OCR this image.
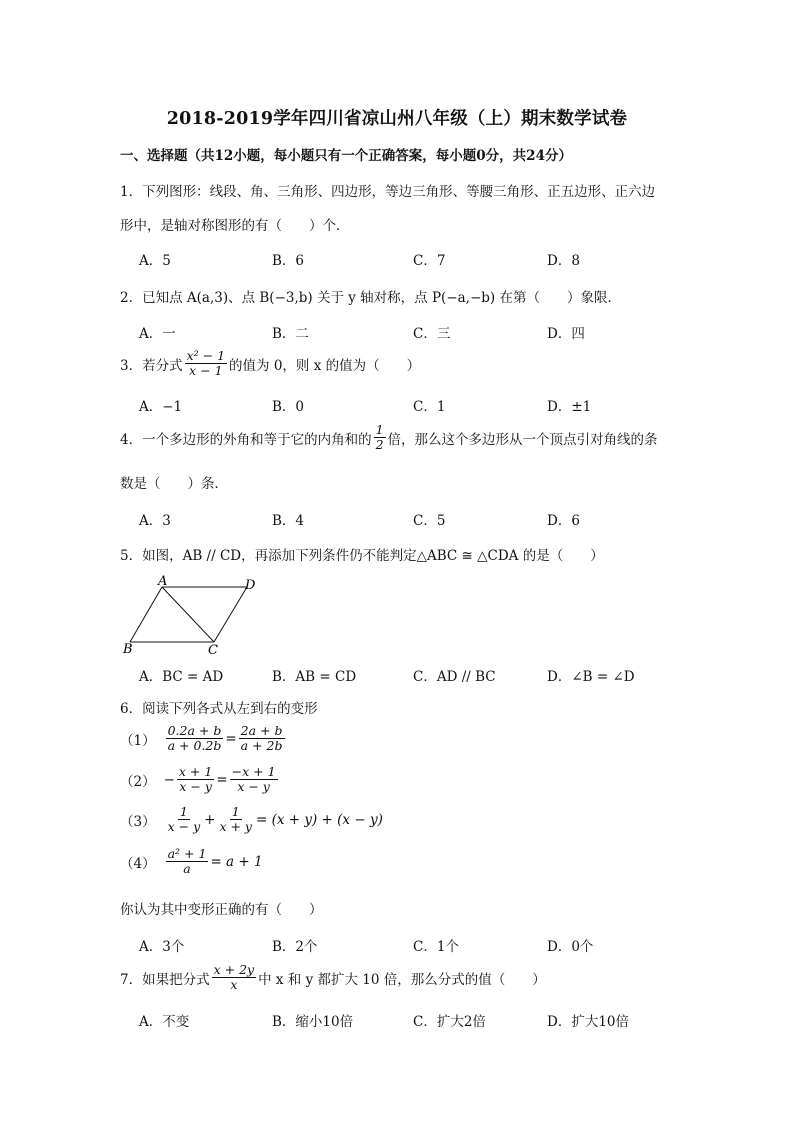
2018-2019学年四川省凉山州八年级（上）期末数学试卷
一、选择题（共12小题，每小题只有一个正确答案，每小题0分，共24分）
1．下列图形：线段、角、三角形、四边形，等边三角形、等腰三角形、正五边形、正六边
形中，是轴对称图形的有（　　）个．
A．5	B．6	C．7	D．8
2．已知点 A(a,3)、点 B(−3,b) 关于 y 轴对称，点 P(−a,−b) 在第（　　）象限．
A．一	B．二	C．三	D．四
3．若分式 $\frac{\text{x² − 1}}{x - 1}$ 的值为 0，则 x 的值为（　　）
A．−1	B．0	C．1	D．±1
4．一个多边形的外角和等于它的内角和的 $\frac{1}{2}$ 倍，那么这个多边形从一个顶点引对角线的条
数是（　　）条．
A．3	B．4	C．5	D．6
5．如图，AB // CD，再添加下列条件仍不能判定△ABC ≅ △CDA 的是（　　）
A	D
B	C
A．BC = AD	B．AB = CD	C．AD // BC	D．∠B = ∠D
6．阅读下列各式从左到右的变形
$(1) \frac{0.2a + b}{a + 0.2b} = \frac{2a + b}{a + 2b}$
$(2) - \frac{x + 1}{x - y} = \frac{-x + 1}{x - y}$
$(3) \frac{1}{x - y} + \frac{1}{x + y} = (x + y) + (x - y)$
$(4) \frac{\text{a² + 1}}{a} = a + 1$
你认为其中变形正确的有（　　）
A．3个	B．2个	C．1个	D．0个
7．如果把分式 $\frac{x + 2y}{x}$ 中 x 和 y 都扩大 10 倍，那么分式的值（　　）
A．不变	B．缩小10倍	C．扩大2倍	D．扩大10倍
